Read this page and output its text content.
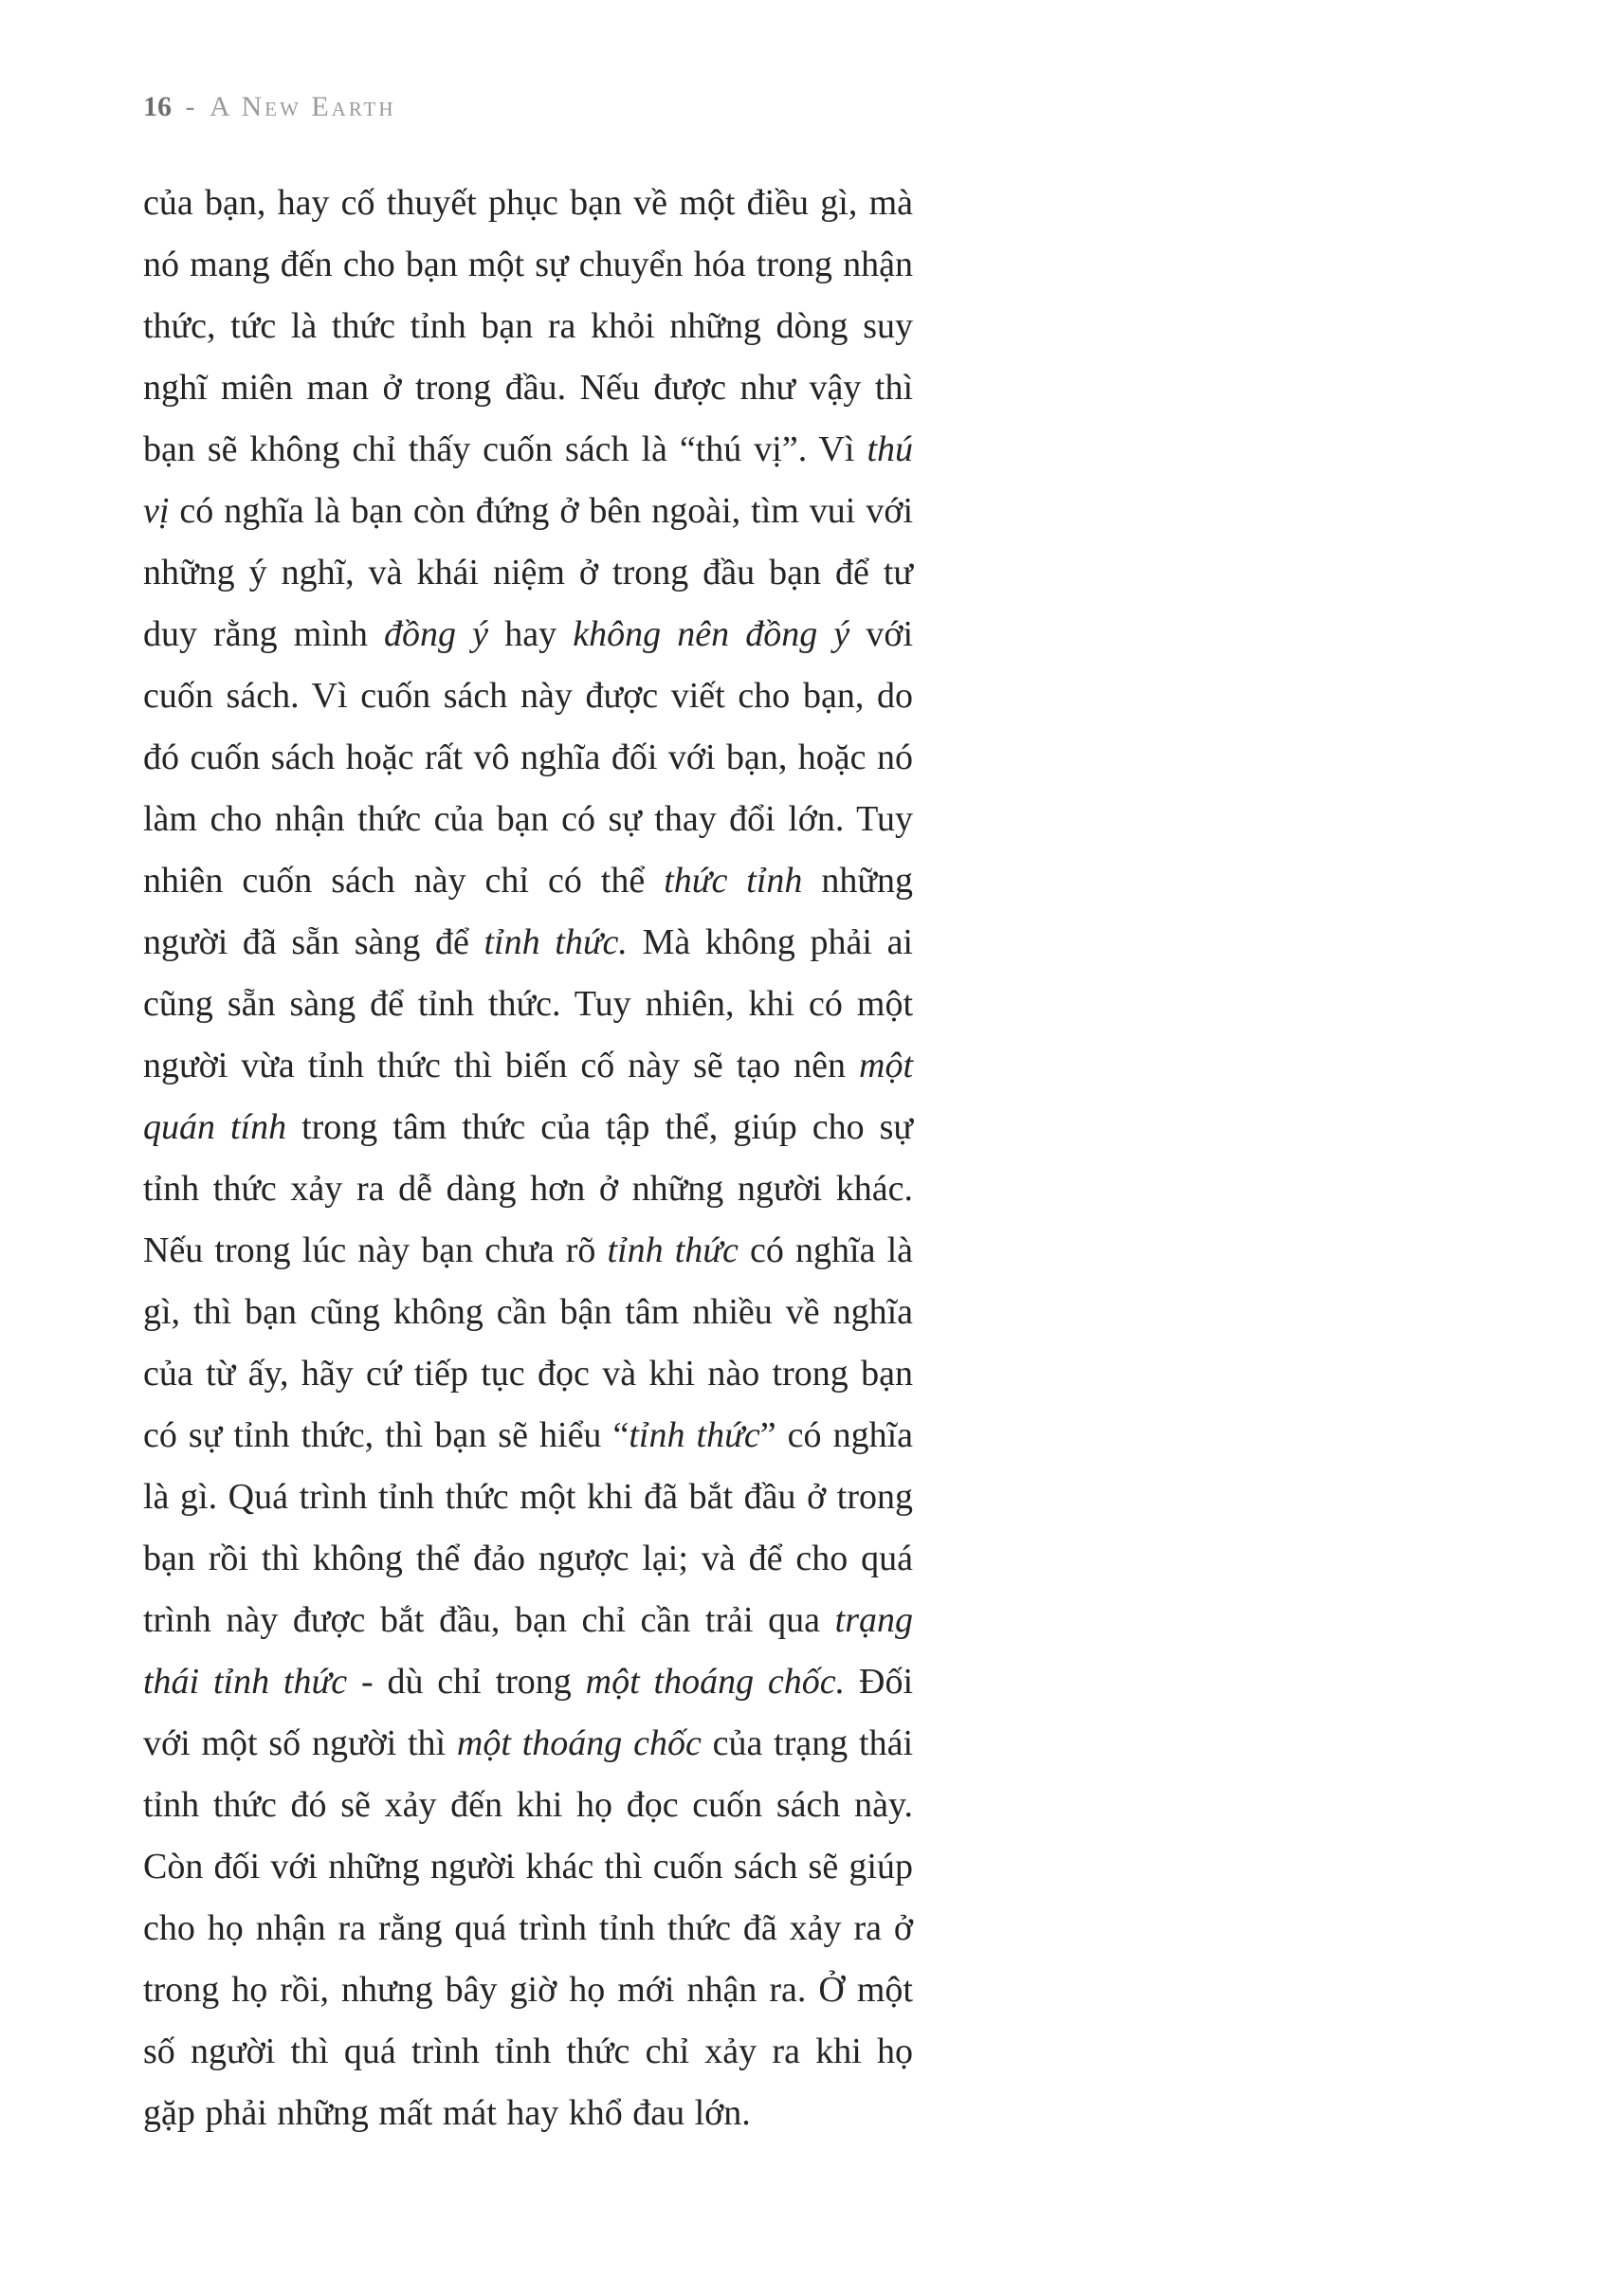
16 - A New Earth
của bạn, hay cố thuyết phục bạn về một điều gì, mà nó mang đến cho bạn một sự chuyển hóa trong nhận thức, tức là thức tỉnh bạn ra khỏi những dòng suy nghĩ miên man ở trong đầu. Nếu được như vậy thì bạn sẽ không chỉ thấy cuốn sách là “thú vị”. Vì thú vị có nghĩa là bạn còn đứng ở bên ngoài, tìm vui với những ý nghĩ, và khái niệm ở trong đầu bạn để tư duy rằng mình đồng ý hay không nên đồng ý với cuốn sách. Vì cuốn sách này được viết cho bạn, do đó cuốn sách hoặc rất vô nghĩa đối với bạn, hoặc nó làm cho nhận thức của bạn có sự thay đổi lớn. Tuy nhiên cuốn sách này chỉ có thể thức tỉnh những người đã sẵn sàng để tỉnh thức. Mà không phải ai cũng sẵn sàng để tỉnh thức. Tuy nhiên, khi có một người vừa tỉnh thức thì biến cố này sẽ tạo nên một quán tính trong tâm thức của tập thể, giúp cho sự tỉnh thức xảy ra dễ dàng hơn ở những người khác. Nếu trong lúc này bạn chưa rõ tỉnh thức có nghĩa là gì, thì bạn cũng không cần bận tâm nhiều về nghĩa của từ ấy, hãy cứ tiếp tục đọc và khi nào trong bạn có sự tỉnh thức, thì bạn sẽ hiểu “tỉnh thức” có nghĩa là gì. Quá trình tỉnh thức một khi đã bắt đầu ở trong bạn rồi thì không thể đảo ngược lại; và để cho quá trình này được bắt đầu, bạn chỉ cần trải qua trạng thái tỉnh thức - dù chỉ trong một thoáng chốc. Đối với một số người thì một thoáng chốc của trạng thái tỉnh thức đó sẽ xảy đến khi họ đọc cuốn sách này. Còn đối với những người khác thì cuốn sách sẽ giúp cho họ nhận ra rằng quá trình tỉnh thức đã xảy ra ở trong họ rồi, nhưng bây giờ họ mới nhận ra. Ở một số người thì quá trình tỉnh thức chỉ xảy ra khi họ gặp phải những mất mát hay khổ đau lớn.
